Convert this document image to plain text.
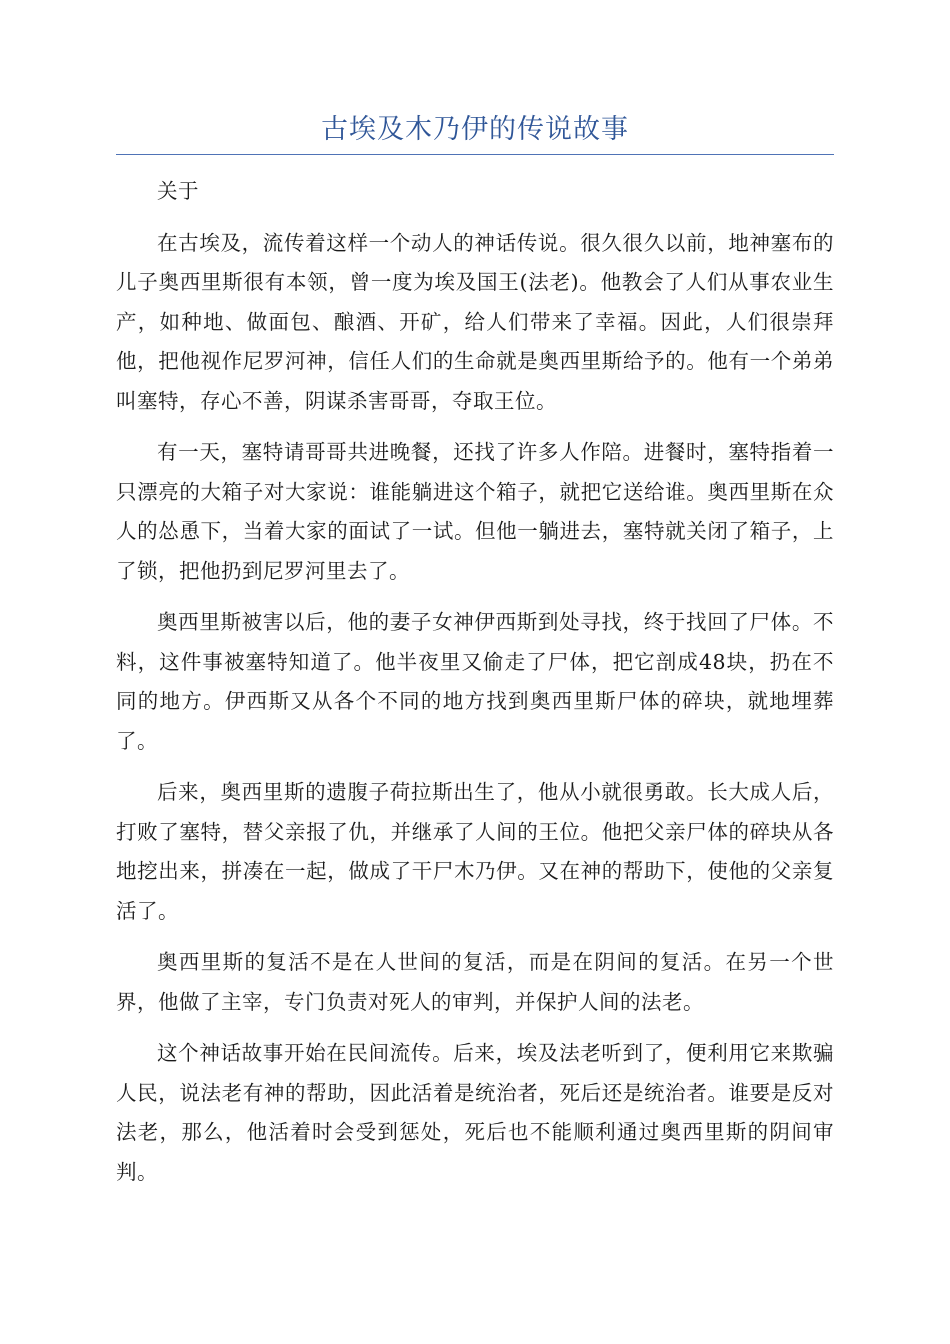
古埃及木乃伊的传说故事

关于

在古埃及，流传着这样一个动人的神话传说。很久很久以前，地神塞布的儿子奥西里斯很有本领，曾一度为埃及国王(法老)。他教会了人们从事农业生产，如种地、做面包、酿酒、开矿，给人们带来了幸福。因此，人们很崇拜他，把他视作尼罗河神，信任人们的生命就是奥西里斯给予的。他有一个弟弟叫塞特，存心不善，阴谋杀害哥哥，夺取王位。

有一天，塞特请哥哥共进晚餐，还找了许多人作陪。进餐时，塞特指着一只漂亮的大箱子对大家说：谁能躺进这个箱子，就把它送给谁。奥西里斯在众人的怂恿下，当着大家的面试了一试。但他一躺进去，塞特就关闭了箱子，上了锁，把他扔到尼罗河里去了。

奥西里斯被害以后，他的妻子女神伊西斯到处寻找，终于找回了尸体。不料，这件事被塞特知道了。他半夜里又偷走了尸体，把它剖成48块，扔在不同的地方。伊西斯又从各个不同的地方找到奥西里斯尸体的碎块，就地埋葬了。

后来，奥西里斯的遗腹子荷拉斯出生了，他从小就很勇敢。长大成人后，打败了塞特，替父亲报了仇，并继承了人间的王位。他把父亲尸体的碎块从各地挖出来，拼凑在一起，做成了干尸木乃伊。又在神的帮助下，使他的父亲复活了。

奥西里斯的复活不是在人世间的复活，而是在阴间的复活。在另一个世界，他做了主宰，专门负责对死人的审判，并保护人间的法老。

这个神话故事开始在民间流传。后来，埃及法老听到了，便利用它来欺骗人民，说法老有神的帮助，因此活着是统治者，死后还是统治者。谁要是反对法老，那么，他活着时会受到惩处，死后也不能顺利通过奥西里斯的阴间审判。
